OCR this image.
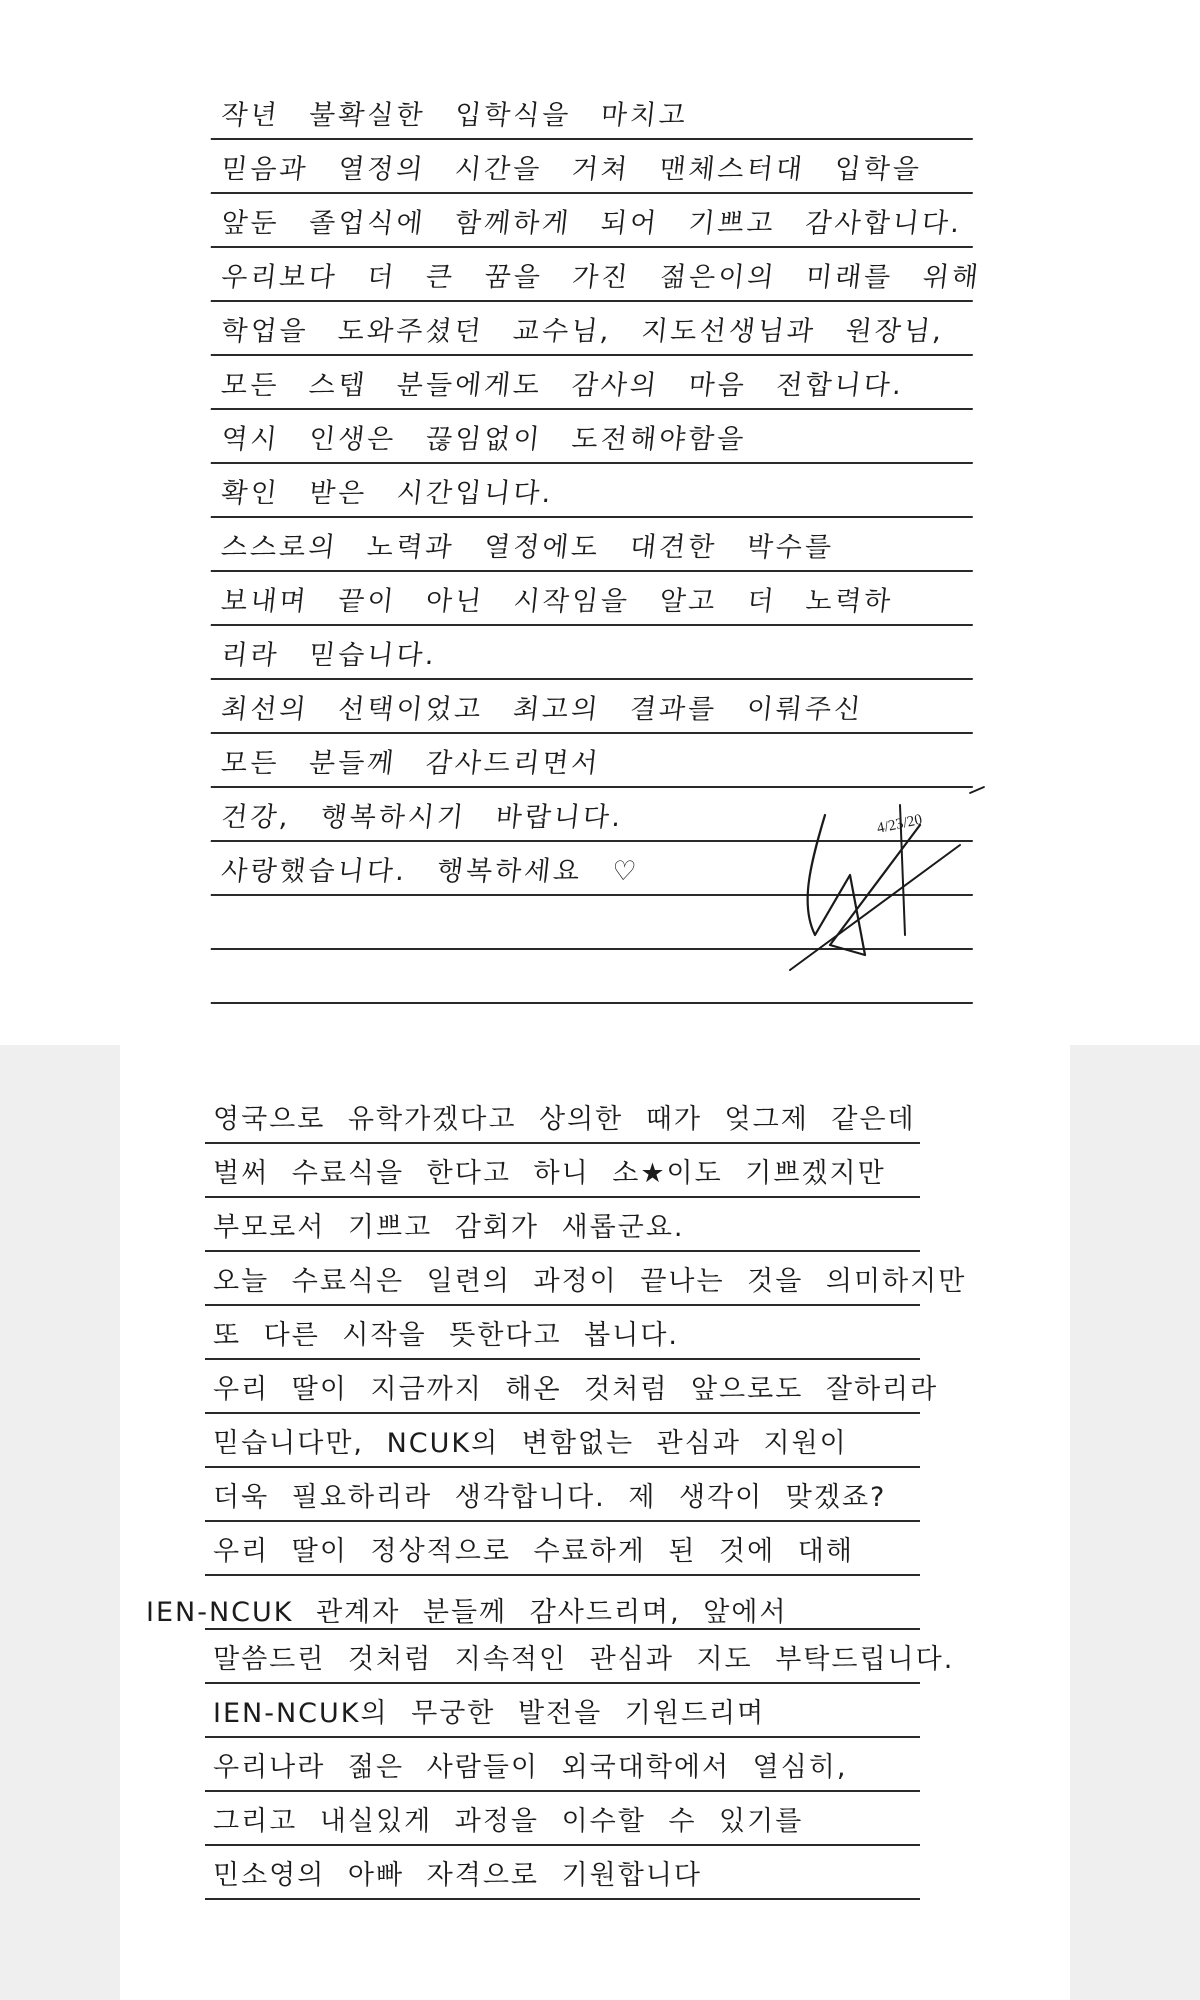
작년 불확실한 입학식을 마치고
믿음과 열정의 시간을 거쳐 맨체스터대 입학을
앞둔 졸업식에 함께하게 되어 기쁘고 감사합니다.
우리보다 더 큰 꿈을 가진 젊은이의 미래를 위해
학업을 도와주셨던 교수님, 지도선생님과 원장님,
모든 스텝 분들에게도 감사의 마음 전합니다.
역시 인생은 끊임없이 도전해야함을
확인 받은 시간입니다.
스스로의 노력과 열정에도 대견한 박수를
보내며 끝이 아닌 시작임을 알고 더 노력하
리라 믿습니다.
최선의 선택이었고 최고의 결과를 이뤄주신
모든 분들께 감사드리면서
건강, 행복하시기 바랍니다.
사랑했습니다. 행복하세요 ♡
4/23/20
영국으로 유학가겠다고 상의한 때가 엊그제 같은데
벌써 수료식을 한다고 하니 소★이도 기쁘겠지만
부모로서 기쁘고 감회가 새롭군요.
오늘 수료식은 일련의 과정이 끝나는 것을 의미하지만
또 다른 시작을 뜻한다고 봅니다.
우리 딸이 지금까지 해온 것처럼 앞으로도 잘하리라
믿습니다만, NCUK의 변함없는 관심과 지원이
더욱 필요하리라 생각합니다. 제 생각이 맞겠죠?
우리 딸이 정상적으로 수료하게 된 것에 대해
말씀드린 것처럼 지속적인 관심과 지도 부탁드립니다.
IEN-NCUK의 무궁한 발전을 기원드리며
우리나라 젊은 사람들이 외국대학에서 열심히,
그리고 내실있게 과정을 이수할 수 있기를
민소영의 아빠 자격으로 기원합니다
IEN-NCUK 관계자 분들께 감사드리며, 앞에서
